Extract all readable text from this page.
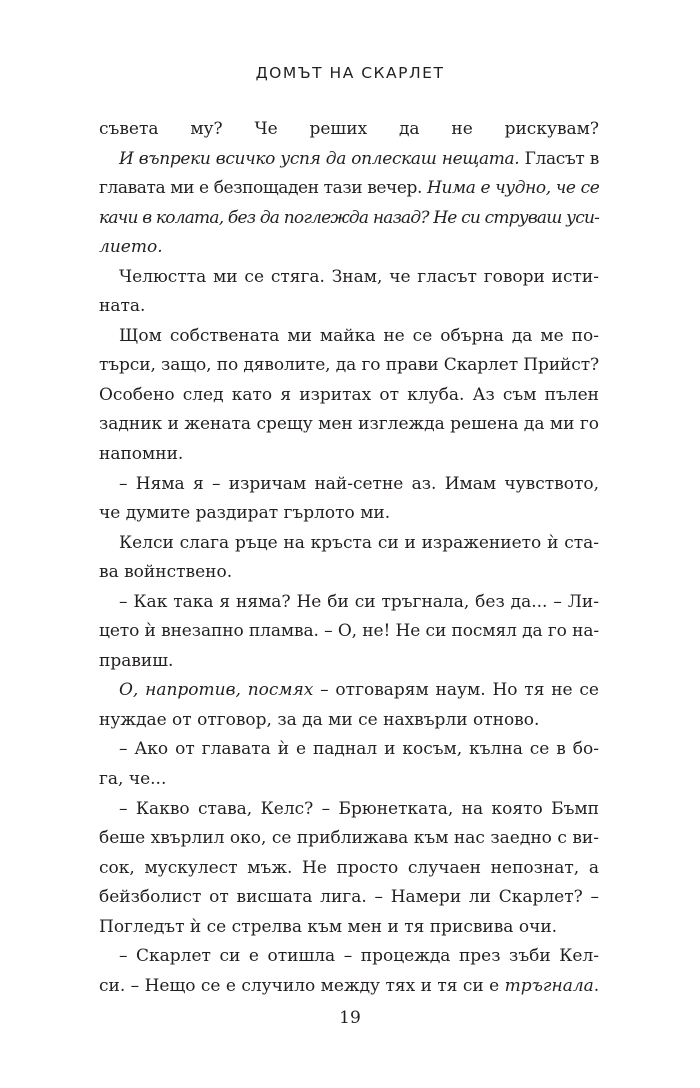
ДОМЪТ НА СКАРЛЕТ
съвета му? Че реших да не рискувам?
И въпреки всичко успя да оплескаш нещата. Гласът в
главата ми е безпощаден тази вечер. Нима е чудно, че се
качи в колата, без да поглежда назад? Не си струваш уси-
лието.
Челюстта ми се стяга. Знам, че гласът говори исти-
ната.
Щом собствената ми майка не се обърна да ме по-
търси, защо, по дяволите, да го прави Скарлет Прийст?
Особено след като я изритах от клуба. Аз съм пълен
задник и жената срещу мен изглежда решена да ми го
напомни.
– Няма я – изричам най-сетне аз. Имам чувството,
че думите раздират гърлото ми.
Келси слага ръце на кръста си и изражението ѝ ста-
ва войнствено.
– Как така я няма? Не би си тръгнала, без да... – Ли-
цето ѝ внезапно пламва. – О, не! Не си посмял да го на-
правиш.
О, напротив, посмях – отговарям наум. Но тя не се
нуждае от отговор, за да ми се нахвърли отново.
– Ако от главата ѝ е паднал и косъм, кълна се в бо-
га, че...
– Какво става, Келс? – Брюнетката, на която Бъмп
беше хвърлил око, се приближава към нас заедно с ви-
сок, мускулест мъж. Не просто случаен непознат, а
бейзболист от висшата лига. – Намери ли Скарлет? –
Погледът ѝ се стрелва към мен и тя присвива очи.
– Скарлет си е отишла – процежда през зъби Кел-
си. – Нещо се е случило между тях и тя си е тръгнала.
19
